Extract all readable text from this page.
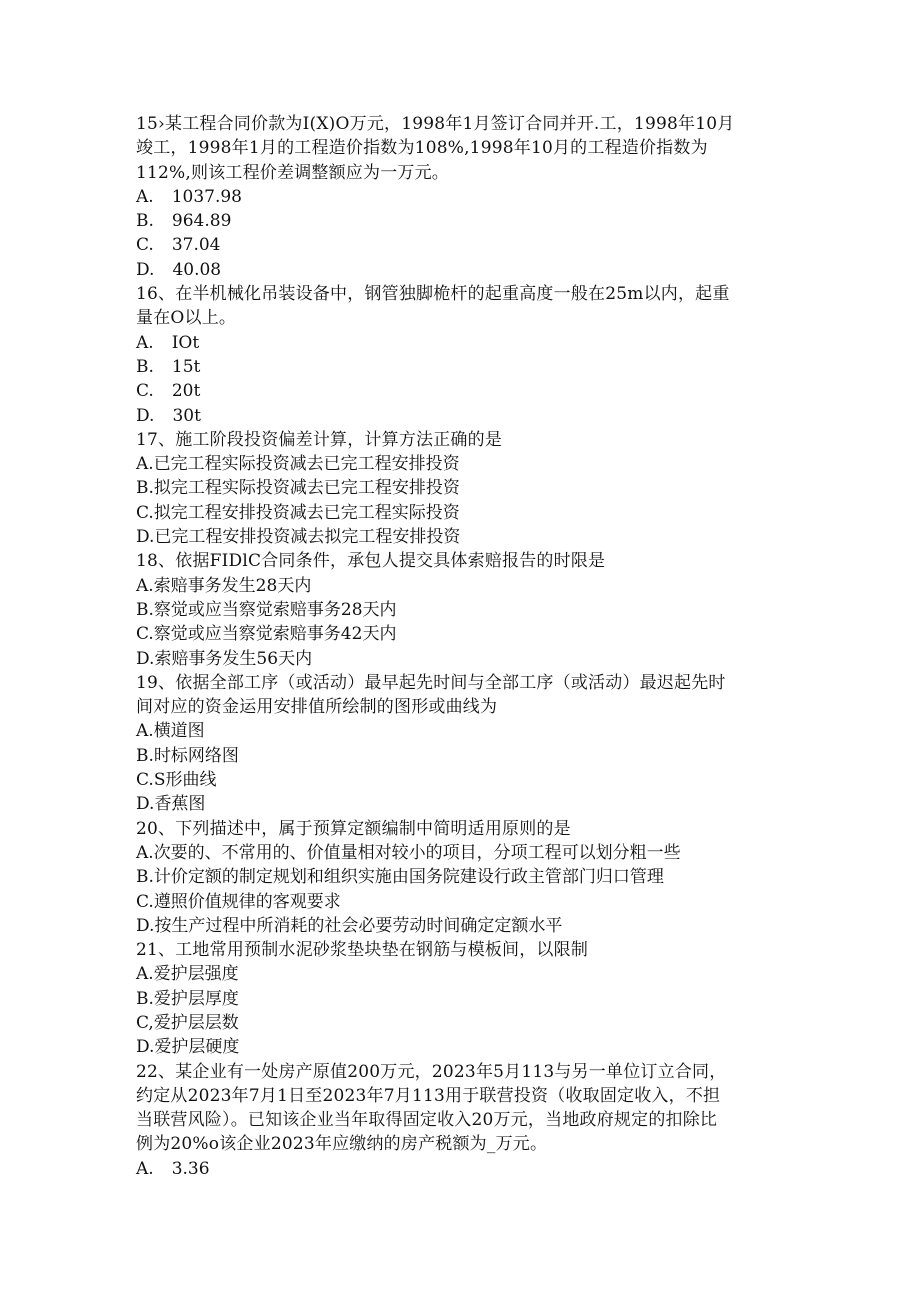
15›某工程合同价款为I(X)O万元，1998年1月签订合同并开.工，1998年10月
竣工，1998年1月的工程造价指数为108%,1998年10月的工程造价指数为
112%,则该工程价差调整额应为一万元。
A. 1037.98
B. 964.89
C. 37.04
D. 40.08
16、在半机械化吊装设备中，钢管独脚桅杆的起重高度一般在25m以内，起重
量在O以上。
A. IOt
B. 15t
C. 20t
D. 30t
17、施工阶段投资偏差计算，计算方法正确的是
A.已完工程实际投资减去已完工程安排投资
B.拟完工程实际投资减去已完工程安排投资
C.拟完工程安排投资减去已完工程实际投资
D.已完工程安排投资减去拟完工程安排投资
18、依据FIDlC合同条件，承包人提交具体索赔报告的时限是
A.索赔事务发生28天内
B.察觉或应当察觉索赔事务28天内
C.察觉或应当察觉索赔事务42天内
D.索赔事务发生56天内
19、依据全部工序（或活动）最早起先时间与全部工序（或活动）最迟起先时
间对应的资金运用安排值所绘制的图形或曲线为
A.横道图
B.时标网络图
C.S形曲线
D.香蕉图
20、下列描述中，属于预算定额编制中简明适用原则的是
A.次要的、不常用的、价值量相对较小的项目，分项工程可以划分粗一些
B.计价定额的制定规划和组织实施由国务院建设行政主管部门归口管理
C.遵照价值规律的客观要求
D.按生产过程中所消耗的社会必要劳动时间确定定额水平
21、工地常用预制水泥砂浆垫块垫在钢筋与模板间，以限制
A.爱护层强度
B.爱护层厚度
C,爱护层层数
D.爱护层硬度
22、某企业有一处房产原值200万元，2023年5月113与另一单位订立合同，
约定从2023年7月1日至2023年7月113用于联营投资（收取固定收入，不担
当联营风险）。已知该企业当年取得固定收入20万元，当地政府规定的扣除比
例为20%o该企业2023年应缴纳的房产税额为_万元。
A. 3.36
